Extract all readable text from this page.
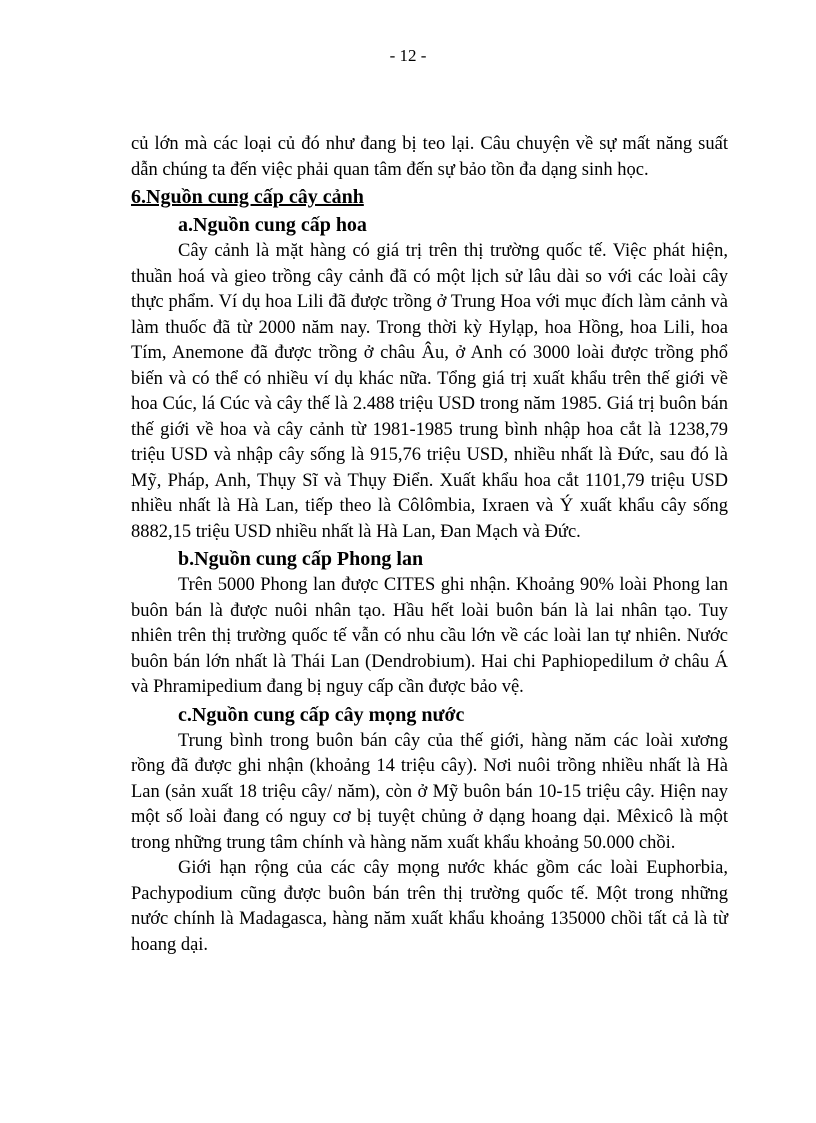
- 12 -

củ lớn mà các loại củ đó như đang bị teo lại. Câu chuyện về sự mất năng suất dẫn chúng ta đến việc phải quan tâm đến sự bảo tồn đa dạng sinh học.

6.Nguồn cung cấp cây cảnh
a.Nguồn cung cấp hoa

Cây cảnh là mặt hàng có giá trị trên thị trường quốc tế. Việc phát hiện, thuần hoá và gieo trồng cây cảnh đã có một lịch sử lâu dài so với các loài cây thực phẩm. Ví dụ hoa Lili đã được trồng ở Trung Hoa với mục đích làm cảnh và làm thuốc đã từ 2000 năm nay. Trong thời kỳ Hylạp, hoa Hồng, hoa Lili, hoa Tím, Anemone đã được trồng ở châu Âu, ở Anh có 3000 loài được trồng phổ biến và có thể có nhiều ví dụ khác nữa. Tổng giá trị xuất khẩu trên thế giới về hoa Cúc, lá Cúc và cây thế là 2.488 triệu USD trong năm 1985. Giá trị buôn bán thế giới về hoa và cây cảnh từ 1981-1985 trung bình nhập hoa cắt là 1238,79 triệu USD và nhập cây sống là 915,76 triệu USD, nhiều nhất là Đức, sau đó là Mỹ, Pháp, Anh, Thụy Sĩ và Thụy Điển. Xuất khẩu hoa cắt 1101,79 triệu USD nhiều nhất là Hà Lan, tiếp theo là Côlômbia, Ixraen và Ý xuất khẩu cây sống 8882,15 triệu USD nhiều nhất là Hà Lan, Đan Mạch và Đức.

b.Nguồn cung cấp Phong lan

Trên 5000 Phong lan được CITES ghi nhận. Khoảng 90% loài Phong lan buôn bán là được nuôi nhân tạo. Hầu hết loài buôn bán là lai nhân tạo. Tuy nhiên trên thị trường quốc tế vẫn có nhu cầu lớn về các loài lan tự nhiên. Nước buôn bán lớn nhất là Thái Lan (Dendrobium). Hai chi Paphiopedilum ở châu Á và Phramipedium đang bị nguy cấp cần được bảo vệ.

c.Nguồn cung cấp cây mọng nước

Trung bình trong buôn bán cây của thế giới, hàng năm các loài xương rồng đã được ghi nhận (khoảng 14 triệu cây). Nơi nuôi trồng nhiều nhất là Hà Lan (sản xuất 18 triệu cây/ năm), còn ở Mỹ buôn bán 10-15 triệu cây. Hiện nay một số loài đang có nguy cơ bị tuyệt chủng ở dạng hoang dại. Mêxicô là một trong những trung tâm chính và hàng năm xuất khẩu khoảng 50.000 chồi.

Giới hạn rộng của các cây mọng nước khác gồm các loài Euphorbia, Pachypodium cũng được buôn bán trên thị trường quốc tế. Một trong những nước chính là Madagasca, hàng năm xuất khẩu khoảng 135000 chồi tất cả là từ hoang dại.
